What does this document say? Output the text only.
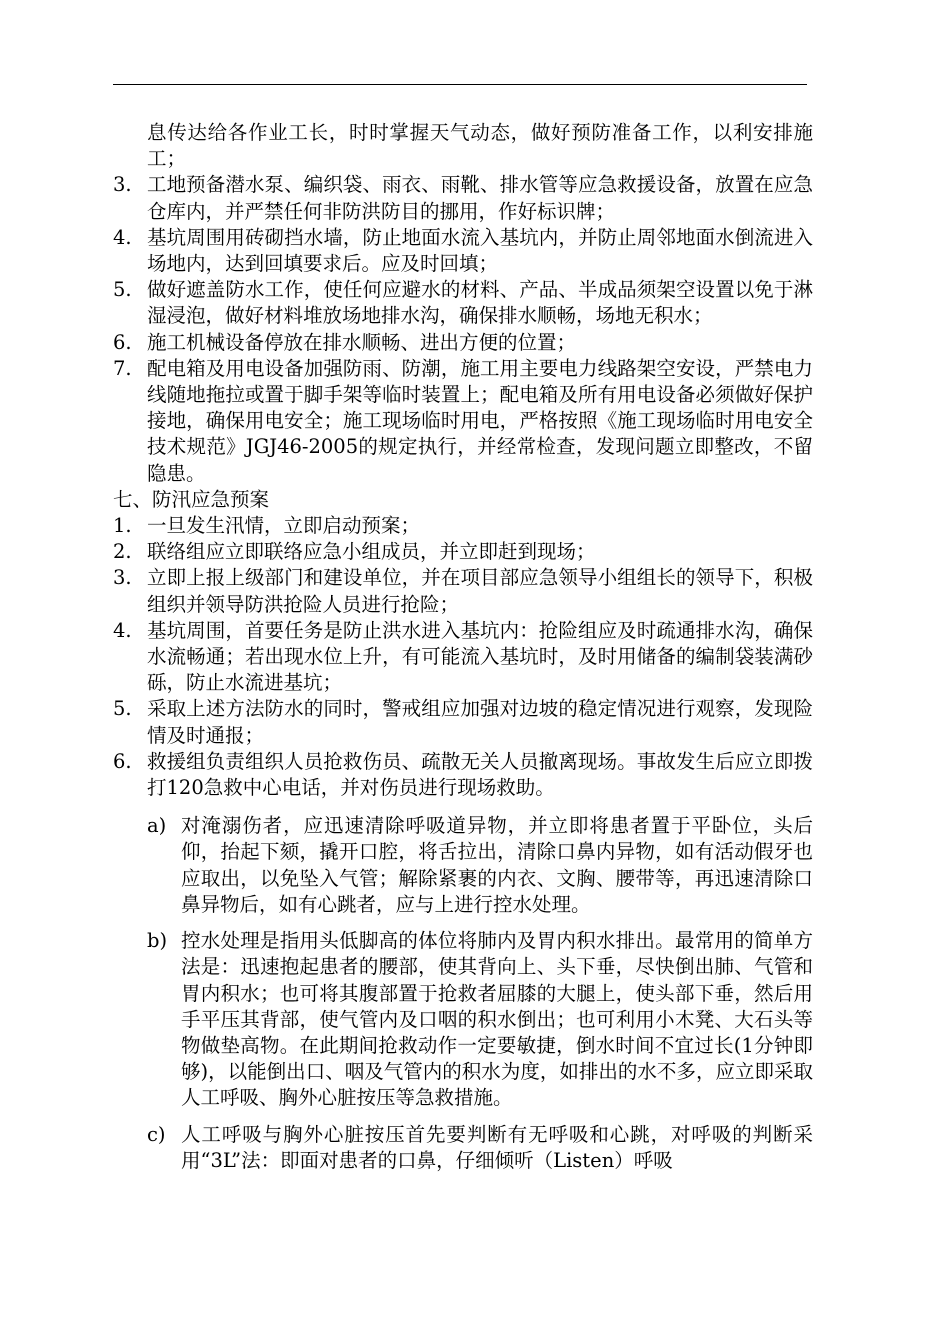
息传达给各作业工长，时时掌握天气动态，做好预防准备工作，以利安排施工；
3. 工地预备潜水泵、编织袋、雨衣、雨靴、排水管等应急救援设备，放置在应急仓库内，并严禁任何非防洪防目的挪用，作好标识牌；
4. 基坑周围用砖砌挡水墙，防止地面水流入基坑内，并防止周邻地面水倒流进入场地内，达到回填要求后。应及时回填；
5. 做好遮盖防水工作，使任何应避水的材料、产品、半成品须架空设置以免于淋湿浸泡，做好材料堆放场地排水沟，确保排水顺畅，场地无积水；
6. 施工机械设备停放在排水顺畅、进出方便的位置；
7. 配电箱及用电设备加强防雨、防潮，施工用主要电力线路架空安设，严禁电力线随地拖拉或置于脚手架等临时装置上；配电箱及所有用电设备必须做好保护接地，确保用电安全；施工现场临时用电，严格按照《施工现场临时用电安全技术规范》JGJ46-2005的规定执行，并经常检查，发现问题立即整改，不留隐患。
七、防汛应急预案
1. 一旦发生汛情，立即启动预案；
2. 联络组应立即联络应急小组成员，并立即赶到现场；
3. 立即上报上级部门和建设单位，并在项目部应急领导小组组长的领导下，积极组织并领导防洪抢险人员进行抢险；
4. 基坑周围，首要任务是防止洪水进入基坑内：抢险组应及时疏通排水沟，确保水流畅通；若出现水位上升，有可能流入基坑时，及时用储备的编制袋装满砂砾，防止水流进基坑；
5. 采取上述方法防水的同时，警戒组应加强对边坡的稳定情况进行观察，发现险情及时通报；
6. 救援组负责组织人员抢救伤员、疏散无关人员撤离现场。事故发生后应立即拨打120急救中心电话，并对伤员进行现场救助。
a) 对淹溺伤者，应迅速清除呼吸道异物，并立即将患者置于平卧位，头后仰，抬起下颏，撬开口腔，将舌拉出，清除口鼻内异物，如有活动假牙也应取出，以免坠入气管；解除紧裹的内衣、文胸、腰带等，再迅速清除口鼻异物后，如有心跳者，应与上进行控水处理。
b) 控水处理是指用头低脚高的体位将肺内及胃内积水排出。最常用的简单方法是：迅速抱起患者的腰部，使其背向上、头下垂，尽快倒出肺、气管和胃内积水；也可将其腹部置于抢救者屈膝的大腿上，使头部下垂，然后用手平压其背部，使气管内及口咽的积水倒出；也可利用小木凳、大石头等物做垫高物。在此期间抢救动作一定要敏捷，倒水时间不宜过长(1分钟即够)，以能倒出口、咽及气管内的积水为度，如排出的水不多，应立即采取人工呼吸、胸外心脏按压等急救措施。
c) 人工呼吸与胸外心脏按压首先要判断有无呼吸和心跳，对呼吸的判断采用“3L”法：即面对患者的口鼻，仔细倾听（Listen）呼吸
